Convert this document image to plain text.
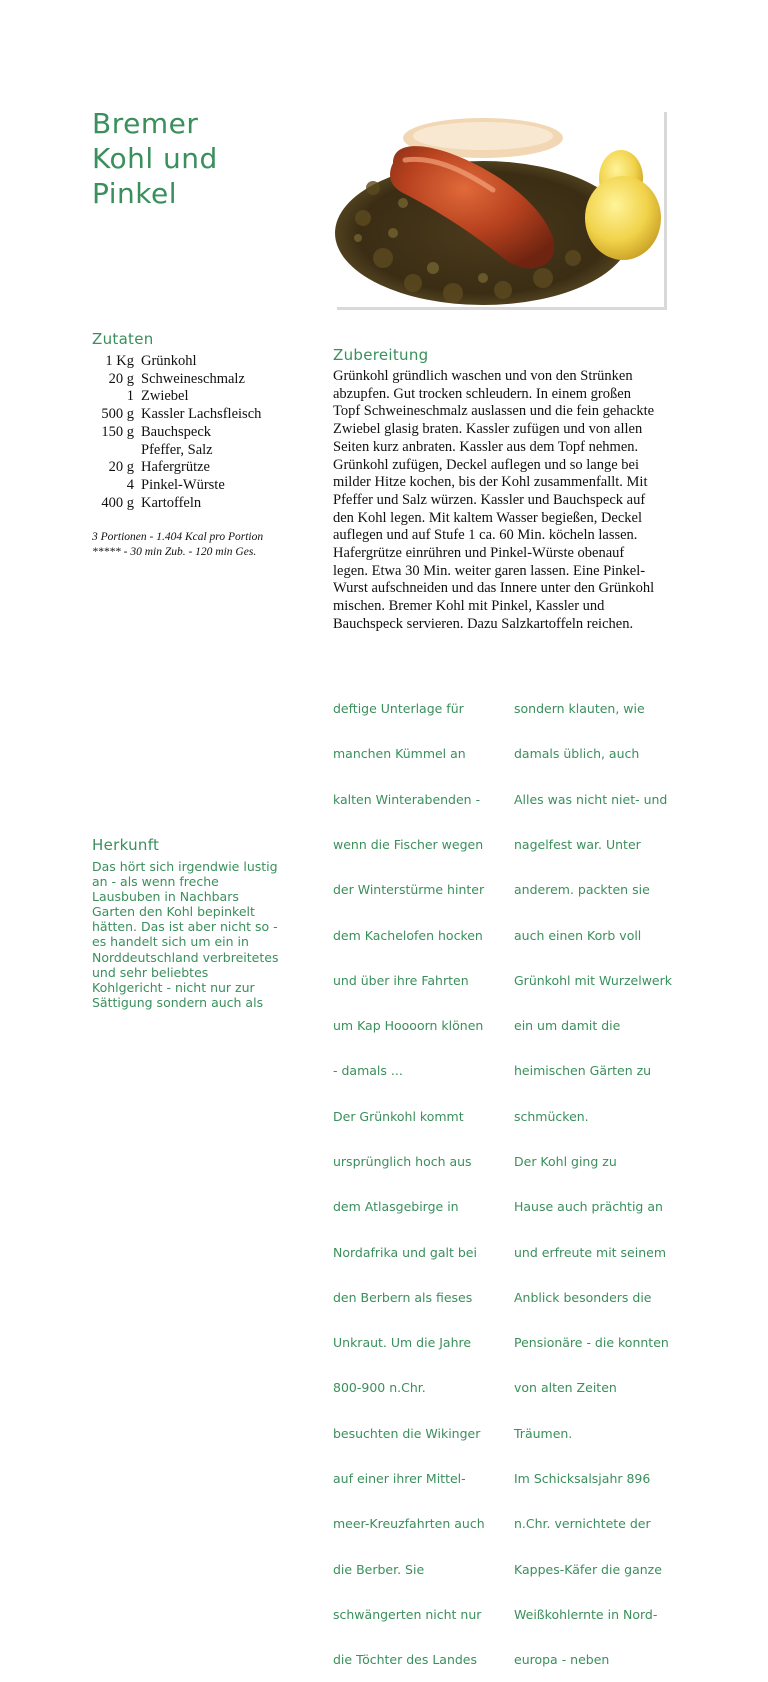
Bremer
Kohl und
Pinkel
Zutaten
1 Kg Grünkohl
20 g Schweineschmalz
1 Zwiebel
500 g Kassler Lachsfleisch
150 g Bauchspeck
Pfeffer, Salz
20 g Hafergrütze
4 Pinkel-Würste
400 g Kartoffeln
3 Portionen - 1.404 Kcal pro Portion
***** - 30 min Zub. - 120 min Ges.
Zubereitung
Grünkohl gründlich waschen und von den Strünken
abzupfen. Gut trocken schleudern. In einem großen
Topf Schweineschmalz auslassen und die fein gehackte
Zwiebel glasig braten. Kassler zufügen und von allen
Seiten kurz anbraten. Kassler aus dem Topf nehmen.
Grünkohl zufügen, Deckel auflegen und so lange bei
milder Hitze kochen, bis der Kohl zusammenfallt. Mit
Pfeffer und Salz würzen. Kassler und Bauchspeck auf
den Kohl legen. Mit kaltem Wasser begießen, Deckel
auflegen und auf Stufe 1 ca. 60 Min. köcheln lassen.
Hafergrütze einrühren und Pinkel-Würste obenauf
legen. Etwa 30 Min. weiter garen lassen. Eine Pinkel-
Wurst aufschneiden und das Innere unter den Grünkohl
mischen. Bremer Kohl mit Pinkel, Kassler und
Bauchspeck servieren. Dazu Salzkartoffeln reichen.
Herkunft
Das hört sich irgendwie lustig
an - als wenn freche
Lausbuben in Nachbars
Garten den Kohl bepinkelt
hätten. Das ist aber nicht so -
es handelt sich um ein in
Norddeutschland verbreitetes
und sehr beliebtes
Kohlgericht - nicht nur zur
Sättigung sondern auch als

deftige Unterlage für

manchen Kümmel an

kalten Winterabenden -

wenn die Fischer wegen

der Winterstürme hinter

dem Kachelofen hocken

und über ihre Fahrten

um Kap Hoooorn klönen

- damals ...

Der Grünkohl kommt

ursprünglich hoch aus

dem Atlasgebirge in

Nordafrika und galt bei

den Berbern als fieses

Unkraut. Um die Jahre

800-900 n.Chr.

besuchten die Wikinger

auf einer ihrer Mittel-

meer-Kreuzfahrten auch

die Berber. Sie

schwängerten nicht nur

die Töchter des Landes

sondern klauten, wie

damals üblich, auch

Alles was nicht niet- und

nagelfest war. Unter

anderem. packten sie

auch einen Korb voll

Grünkohl mit Wurzelwerk

ein um damit die

heimischen Gärten zu

schmücken.

Der Kohl ging zu

Hause auch prächtig an

und erfreute mit seinem

Anblick besonders die

Pensionäre - die konnten

von alten Zeiten

Träumen.

Im Schicksalsjahr 896

n.Chr. vernichtete der

Kappes-Käfer die ganze

Weißkohlernte in Nord-

europa - neben
